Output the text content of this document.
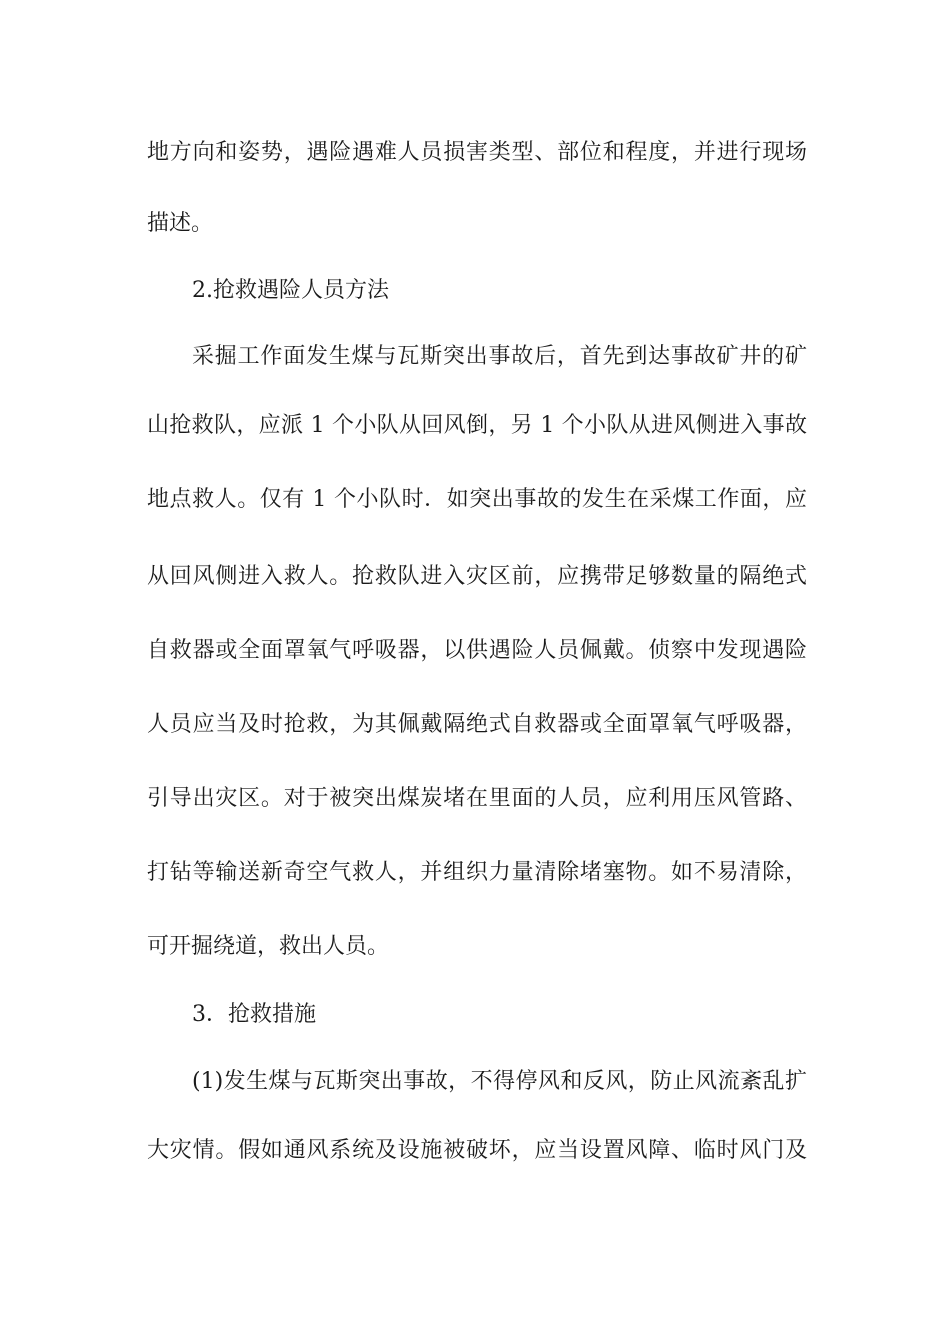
地方向和姿势，遇险遇难人员损害类型、部位和程度，并进行现场
描述。
2.抢救遇险人员方法
采掘工作面发生煤与瓦斯突出事故后，首先到达事故矿井的矿
山抢救队，应派 1 个小队从回风倒，另 1 个小队从进风侧进入事故
地点救人。仅有 1 个小队时．如突出事故的发生在采煤工作面，应
从回风侧进入救人。抢救队进入灾区前，应携带足够数量的隔绝式
自救器或全面罩氧气呼吸器，以供遇险人员佩戴。侦察中发现遇险
人员应当及时抢救，为其佩戴隔绝式自救器或全面罩氧气呼吸器，
引导出灾区。对于被突出煤炭堵在里面的人员，应利用压风管路、
打钻等输送新奇空气救人，并组织力量清除堵塞物。如不易清除，
可开掘绕道，救出人员。
3．抢救措施
(1)发生煤与瓦斯突出事故，不得停风和反风，防止风流紊乱扩
大灾情。假如通风系统及设施被破坏，应当设置风障、临时风门及
